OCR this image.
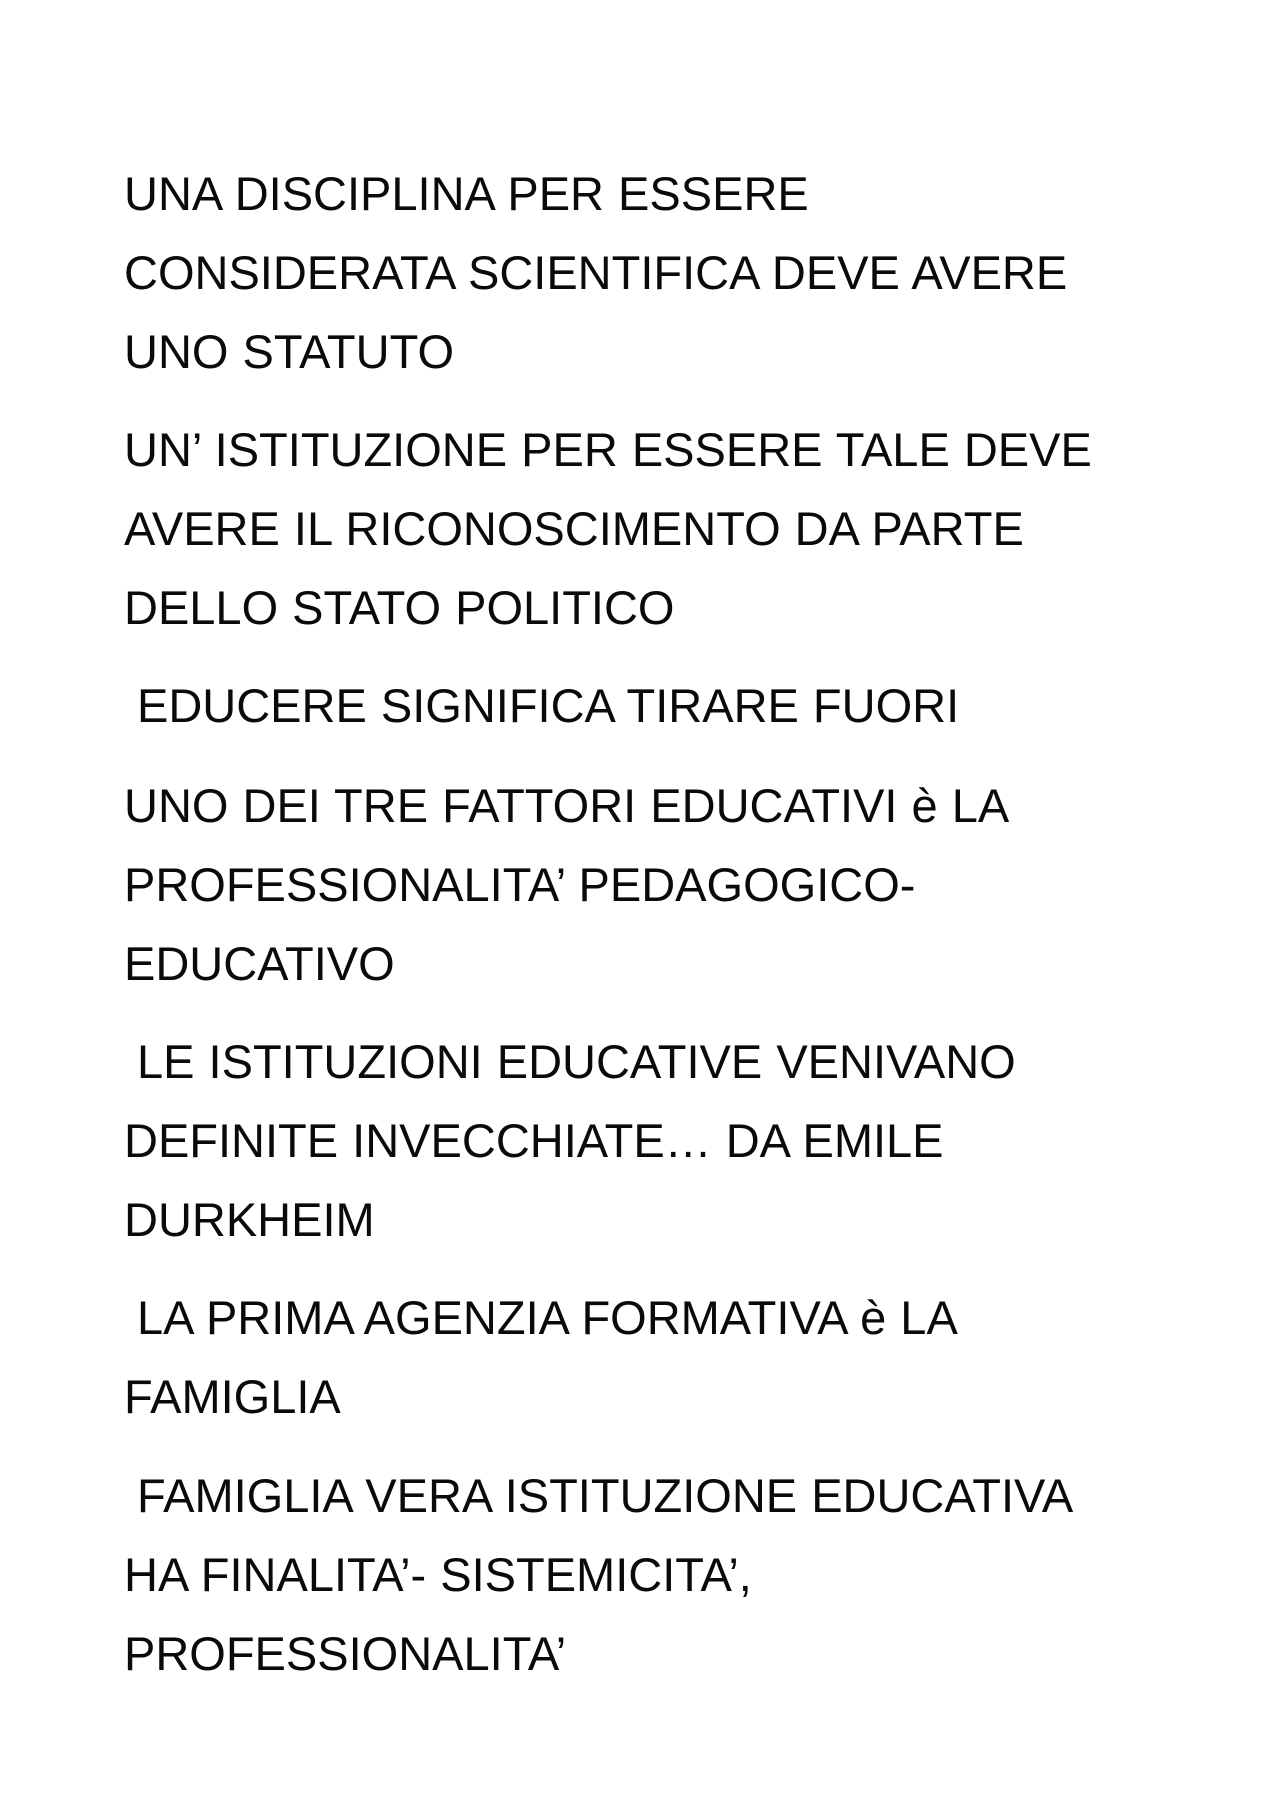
UNA DISCIPLINA PER ESSERE
CONSIDERATA SCIENTIFICA DEVE AVERE
UNO STATUTO

UN’ ISTITUZIONE PER ESSERE TALE DEVE
AVERE IL RICONOSCIMENTO DA PARTE
DELLO STATO POLITICO

EDUCERE SIGNIFICA TIRARE FUORI

UNO DEI TRE FATTORI EDUCATIVI è LA
PROFESSIONALITA’ PEDAGOGICO-
EDUCATIVO

LE ISTITUZIONI EDUCATIVE VENIVANO
DEFINITE INVECCHIATE… DA EMILE
DURKHEIM

LA PRIMA AGENZIA FORMATIVA è LA
FAMIGLIA

FAMIGLIA VERA ISTITUZIONE EDUCATIVA
HA FINALITA’- SISTEMICITA’,
PROFESSIONALITA’
